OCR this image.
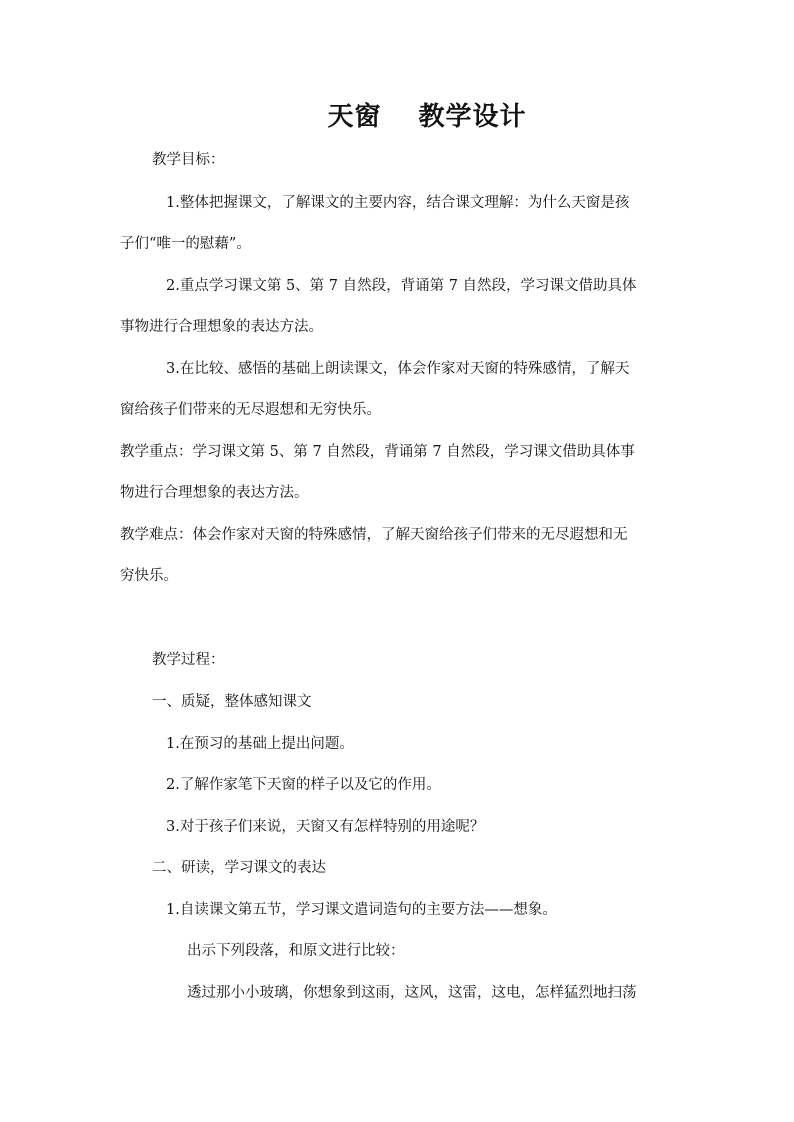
天窗　 教学设计
教学目标：
1.整体把握课文，了解课文的主要内容，结合课文理解：为什么天窗是孩
子们“唯一的慰藉”。
2.重点学习课文第 5、第 7 自然段，背诵第 7 自然段，学习课文借助具体
事物进行合理想象的表达方法。
3.在比较、感悟的基础上朗读课文，体会作家对天窗的特殊感情，了解天
窗给孩子们带来的无尽遐想和无穷快乐。
教学重点：学习课文第 5、第 7 自然段，背诵第 7 自然段，学习课文借助具体事
物进行合理想象的表达方法。
教学难点：体会作家对天窗的特殊感情，了解天窗给孩子们带来的无尽遐想和无
穷快乐。
教学过程：
一、质疑，整体感知课文
1.在预习的基础上提出问题。
2.了解作家笔下天窗的样子以及它的作用。
3.对于孩子们来说，天窗又有怎样特别的用途呢？
二、研读，学习课文的表达
1.自读课文第五节，学习课文遣词造句的主要方法——想象。
出示下列段落，和原文进行比较：
透过那小小玻璃，你想象到这雨，这风，这雷，这电，怎样猛烈地扫荡
